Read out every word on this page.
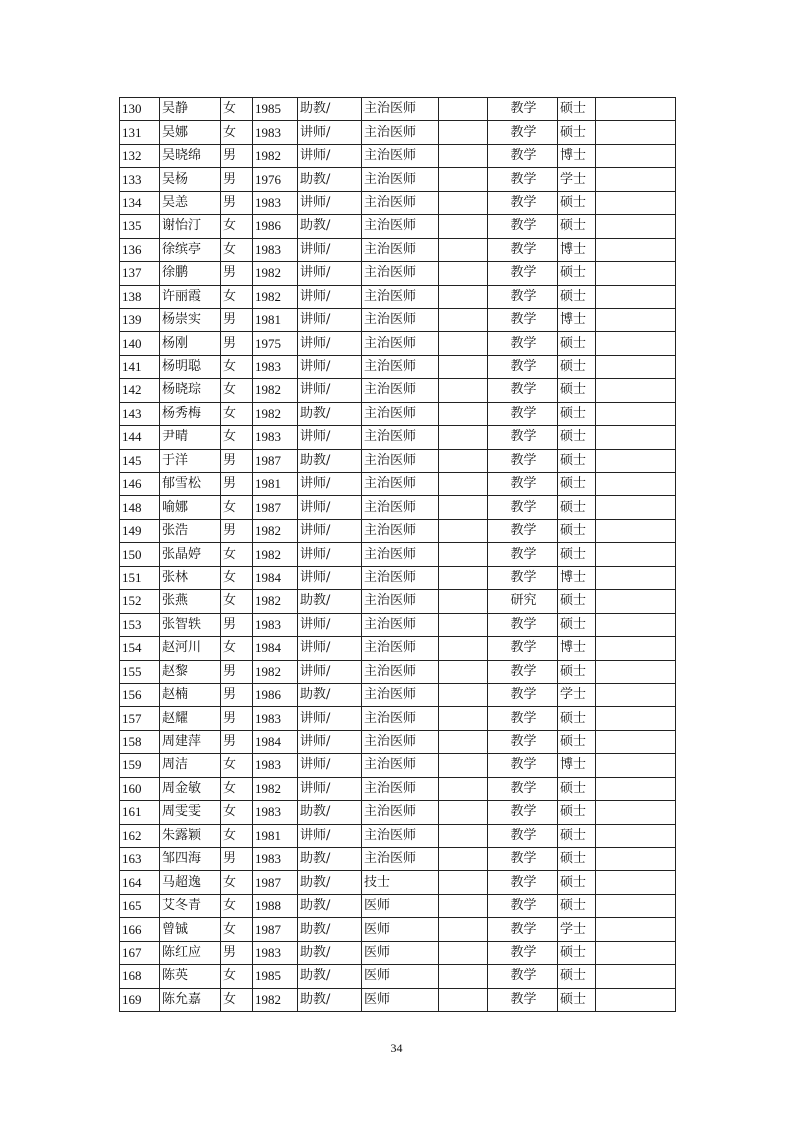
130	吴静	女	1985	助教/	主治医师		教学	硕士	
131	吴娜	女	1983	讲师/	主治医师		教学	硕士	
132	吴晓绵	男	1982	讲师/	主治医师		教学	博士	
133	吴杨	男	1976	助教/	主治医师		教学	学士	
134	吴恙	男	1983	讲师/	主治医师		教学	硕士	
135	谢怡汀	女	1986	助教/	主治医师		教学	硕士	
136	徐缤亭	女	1983	讲师/	主治医师		教学	博士	
137	徐鹏	男	1982	讲师/	主治医师		教学	硕士	
138	许丽霞	女	1982	讲师/	主治医师		教学	硕士	
139	杨崇实	男	1981	讲师/	主治医师		教学	博士	
140	杨刚	男	1975	讲师/	主治医师		教学	硕士	
141	杨明聪	女	1983	讲师/	主治医师		教学	硕士	
142	杨晓琮	女	1982	讲师/	主治医师		教学	硕士	
143	杨秀梅	女	1982	助教/	主治医师		教学	硕士	
144	尹晴	女	1983	讲师/	主治医师		教学	硕士	
145	于洋	男	1987	助教/	主治医师		教学	硕士	
146	郁雪松	男	1981	讲师/	主治医师		教学	硕士	
148	喻娜	女	1987	讲师/	主治医师		教学	硕士	
149	张浩	男	1982	讲师/	主治医师		教学	硕士	
150	张晶婷	女	1982	讲师/	主治医师		教学	硕士	
151	张林	女	1984	讲师/	主治医师		教学	博士	
152	张燕	女	1982	助教/	主治医师		研究	硕士	
153	张智轶	男	1983	讲师/	主治医师		教学	硕士	
154	赵河川	女	1984	讲师/	主治医师		教学	博士	
155	赵黎	男	1982	讲师/	主治医师		教学	硕士	
156	赵楠	男	1986	助教/	主治医师		教学	学士	
157	赵耀	男	1983	讲师/	主治医师		教学	硕士	
158	周建萍	男	1984	讲师/	主治医师		教学	硕士	
159	周洁	女	1983	讲师/	主治医师		教学	博士	
160	周金敏	女	1982	讲师/	主治医师		教学	硕士	
161	周雯雯	女	1983	助教/	主治医师		教学	硕士	
162	朱露颖	女	1981	讲师/	主治医师		教学	硕士	
163	邹四海	男	1983	助教/	主治医师		教学	硕士	
164	马超逸	女	1987	助教/	技士		教学	硕士	
165	艾冬青	女	1988	助教/	医师		教学	硕士	
166	曾铖	女	1987	助教/	医师		教学	学士	
167	陈红应	男	1983	助教/	医师		教学	硕士	
168	陈英	女	1985	助教/	医师		教学	硕士	
169	陈允嘉	女	1982	助教/	医师		教学	硕士	
34
